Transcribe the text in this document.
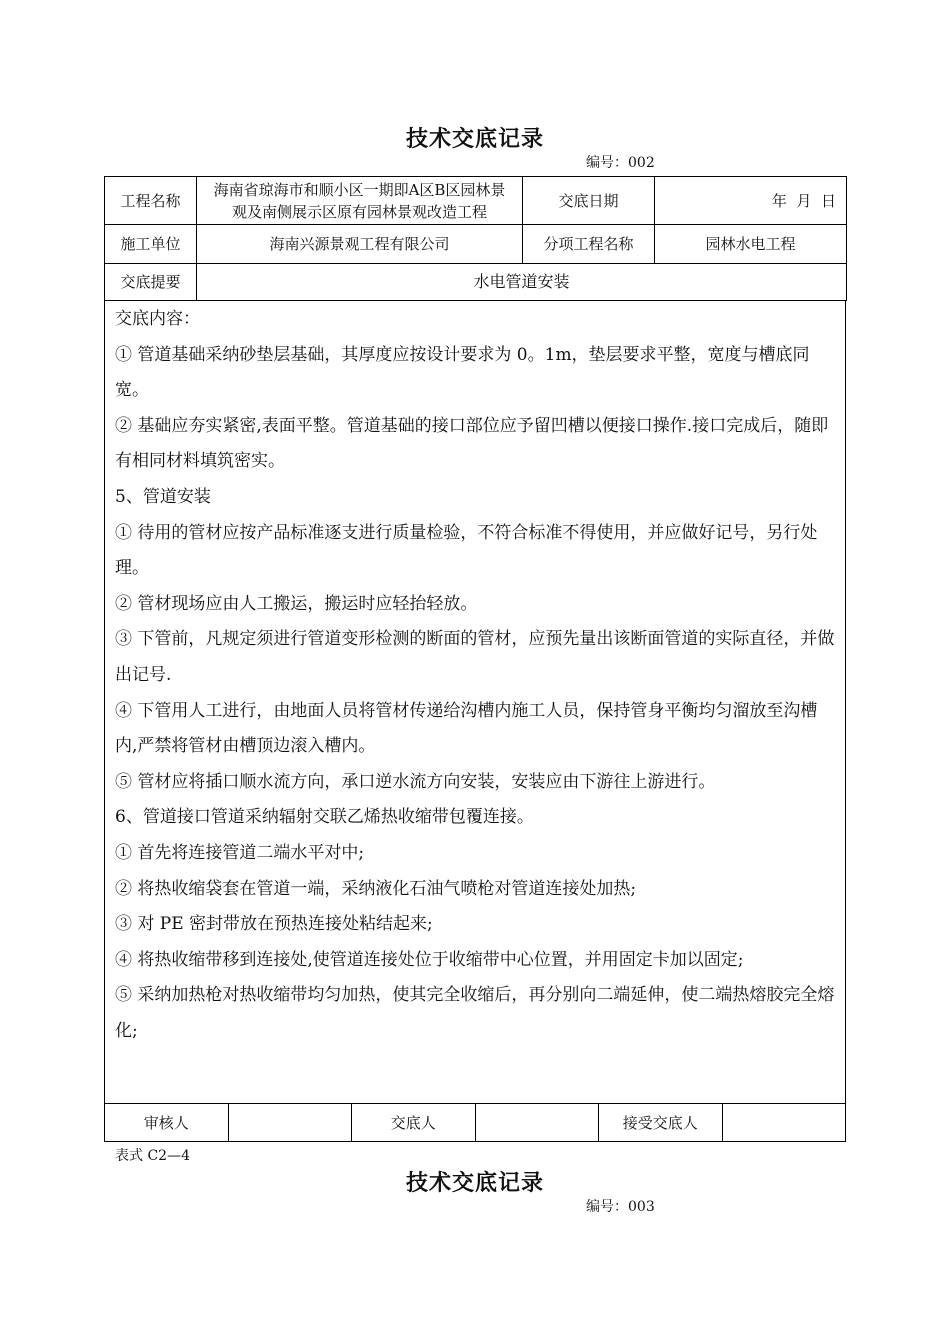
技术交底记录
编号：002
工程名称	海南省琼海市和顺小区一期即A区B区园林景观及南侧展示区原有园林景观改造工程	交底日期	年  月  日
施工单位	海南兴源景观工程有限公司	分项工程名称	园林水电工程
交底提要	水电管道安装		

交底内容：

① 管道基础采纳砂垫层基础，其厚度应按设计要求为 0。1m，垫层要求平整，宽度与槽底同宽。

② 基础应夯实紧密,表面平整。管道基础的接口部位应予留凹槽以便接口操作.接口完成后，随即有相同材料填筑密实。

5、管道安装

① 待用的管材应按产品标准逐支进行质量检验，不符合标准不得使用，并应做好记号，另行处理。

② 管材现场应由人工搬运，搬运时应轻抬轻放。

③ 下管前，凡规定须进行管道变形检测的断面的管材，应预先量出该断面管道的实际直径，并做出记号.

④ 下管用人工进行，由地面人员将管材传递给沟槽内施工人员，保持管身平衡均匀溜放至沟槽内,严禁将管材由槽顶边滚入槽内。

⑤ 管材应将插口顺水流方向，承口逆水流方向安装，安装应由下游往上游进行。

6、管道接口管道采纳辐射交联乙烯热收缩带包覆连接。

① 首先将连接管道二端水平对中;

② 将热收缩袋套在管道一端，采纳液化石油气喷枪对管道连接处加热;

③ 对 PE 密封带放在预热连接处粘结起来;

④ 将热收缩带移到连接处,使管道连接处位于收缩带中心位置，并用固定卡加以固定;

⑤ 采纳加热枪对热收缩带均匀加热，使其完全收缩后，再分别向二端延伸，使二端热熔胶完全熔化;

审核人		交底人		接受交底人	
表式 C2—4
技术交底记录
编号：003
